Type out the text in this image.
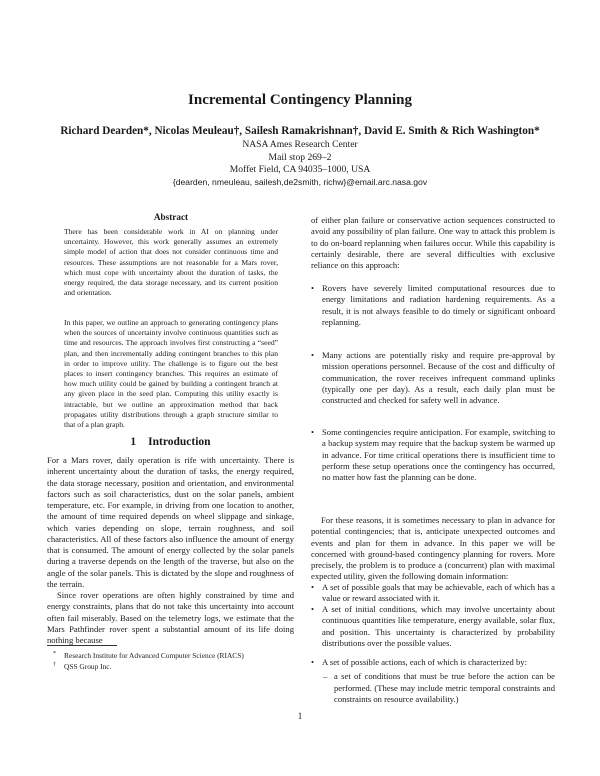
Incremental Contingency Planning
Richard Dearden*, Nicolas Meuleau†, Sailesh Ramakrishnan†, David E. Smith & Rich Washington*
NASA Ames Research Center
Mail stop 269–2
Moffet Field, CA 94035–1000, USA
{dearden, nmeuleau, sailesh,de2smith, richw}@email.arc.nasa.gov
Abstract

There has been considerable work in AI on planning under uncertainty. However, this work generally assumes an extremely simple model of action that does not consider continuous time and resources. These assumptions are not reasonable for a Mars rover, which must cope with uncertainty about the duration of tasks, the energy required, the data storage necessary, and its current position and orientation.

In this paper, we outline an approach to generating contingency plans when the sources of uncertainty involve continuous quantities such as time and resources. The approach involves first constructing a “seed” plan, and then incrementally adding contingent branches to this plan in order to improve utility. The challenge is to figure out the best places to insert contingency branches. This requires an estimate of how much utility could be gained by building a contingent branch at any given place in the seed plan. Computing this utility exactly is intractable, but we outline an approximation method that back propagates utility distributions through a graph structure similar to that of a plan graph.

1 Introduction

For a Mars rover, daily operation is rife with uncertainty. There is inherent uncertainty about the duration of tasks, the energy required, the data storage necessary, position and orientation, and environmental factors such as soil characteristics, dust on the solar panels, ambient temperature, etc. For example, in driving from one location to another, the amount of time required depends on wheel slippage and sinkage, which varies depending on slope, terrain roughness, and soil characteristics. All of these factors also influence the amount of energy that is consumed. The amount of energy collected by the solar panels during a traverse depends on the length of the traverse, but also on the angle of the solar panels. This is dictated by the slope and roughness of the terrain.

Since rover operations are often highly constrained by time and energy constraints, plans that do not take this uncertainty into account often fail miserably. Based on the telemetry logs, we estimate that the Mars Pathfinder rover spent a substantial amount of its life doing nothing because

* Research Institute for Advanced Computer Science (RIACS)
† QSS Group Inc.
of either plan failure or conservative action sequences constructed to avoid any possibility of plan failure. One way to attack this problem is to do on-board replanning when failures occur. While this capability is certainly desirable, there are several difficulties with exclusive reliance on this approach:
• Rovers have severely limited computational resources due to energy limitations and radiation hardening requirements. As a result, it is not always feasible to do timely or significant onboard replanning.
• Many actions are potentially risky and require pre-approval by mission operations personnel. Because of the cost and difficulty of communication, the rover receives infrequent command uplinks (typically one per day). As a result, each daily plan must be constructed and checked for safety well in advance.
• Some contingencies require anticipation. For example, switching to a backup system may require that the backup system be warmed up in advance. For time critical operations there is insufficient time to perform these setup operations once the contingency has occurred, no matter how fast the planning can be done.
For these reasons, it is sometimes necessary to plan in advance for potential contingencies; that is, anticipate unexpected outcomes and events and plan for them in advance. In this paper we will be concerned with ground-based contingency planning for rovers. More precisely, the problem is to produce a (concurrent) plan with maximal expected utility, given the following domain information:
• A set of possible goals that may be achievable, each of which has a value or reward associated with it.
• A set of initial conditions, which may involve uncertainty about continuous quantities like temperature, energy available, solar flux, and position. This uncertainty is characterized by probability distributions over the possible values.
• A set of possible actions, each of which is characterized by:
– a set of conditions that must be true before the action can be performed. (These may include metric temporal constraints and constraints on resource availability.)
1
